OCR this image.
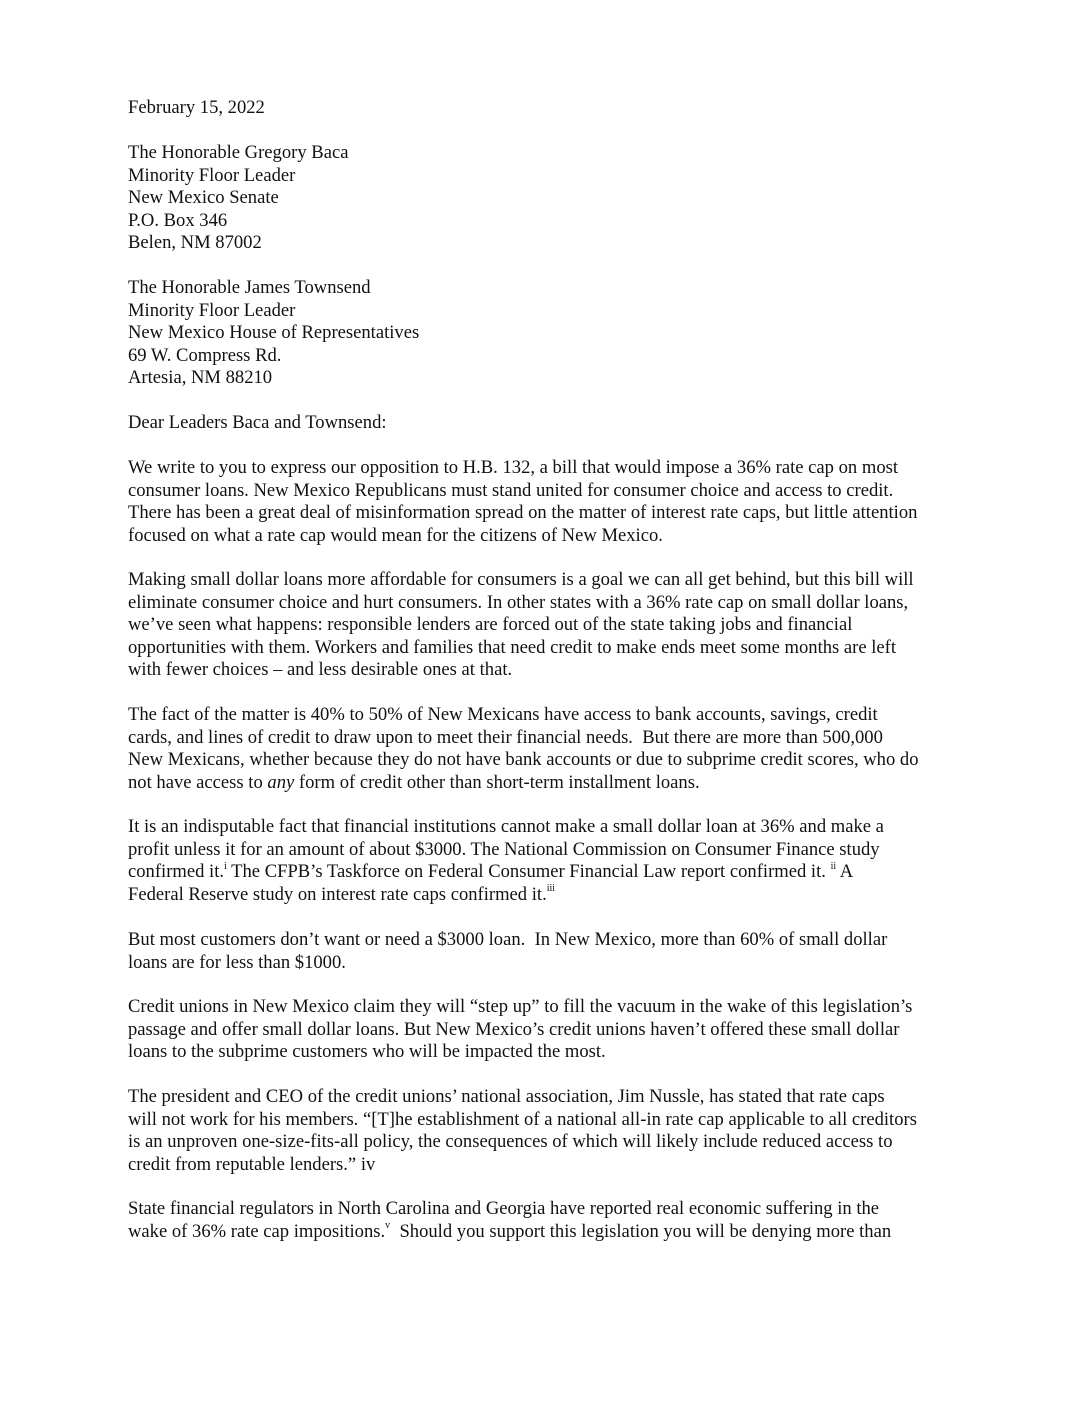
February 15, 2022
The Honorable Gregory Baca
Minority Floor Leader
New Mexico Senate
P.O. Box 346
Belen, NM 87002
The Honorable James Townsend
Minority Floor Leader
New Mexico House of Representatives
69 W. Compress Rd.
Artesia, NM 88210
Dear Leaders Baca and Townsend:
We write to you to express our opposition to H.B. 132, a bill that would impose a 36% rate cap on most
consumer loans. New Mexico Republicans must stand united for consumer choice and access to credit.
There has been a great deal of misinformation spread on the matter of interest rate caps, but little attention
focused on what a rate cap would mean for the citizens of New Mexico.
Making small dollar loans more affordable for consumers is a goal we can all get behind, but this bill will
eliminate consumer choice and hurt consumers. In other states with a 36% rate cap on small dollar loans,
we’ve seen what happens: responsible lenders are forced out of the state taking jobs and financial
opportunities with them. Workers and families that need credit to make ends meet some months are left
with fewer choices – and less desirable ones at that.
The fact of the matter is 40% to 50% of New Mexicans have access to bank accounts, savings, credit
cards, and lines of credit to draw upon to meet their financial needs.  But there are more than 500,000
New Mexicans, whether because they do not have bank accounts or due to subprime credit scores, who do
not have access to any form of credit other than short-term installment loans.
It is an indisputable fact that financial institutions cannot make a small dollar loan at 36% and make a
profit unless it for an amount of about $3000. The National Commission on Consumer Finance study
confirmed it.$^i$ The CFPB’s Taskforce on Federal Consumer Financial Law report confirmed it. $^{ii}$ A
Federal Reserve study on interest rate caps confirmed it.$^{iii}$
But most customers don’t want or need a $3000 loan.  In New Mexico, more than 60% of small dollar
loans are for less than $1000.
Credit unions in New Mexico claim they will “step up” to fill the vacuum in the wake of this legislation’s
passage and offer small dollar loans. But New Mexico’s credit unions haven’t offered these small dollar
loans to the subprime customers who will be impacted the most.
The president and CEO of the credit unions’ national association, Jim Nussle, has stated that rate caps
will not work for his members. “[T]he establishment of a national all-in rate cap applicable to all creditors
is an unproven one-size-fits-all policy, the consequences of which will likely include reduced access to
credit from reputable lenders.” iv
State financial regulators in North Carolina and Georgia have reported real economic suffering in the
wake of 36% rate cap impositions.$^v$  Should you support this legislation you will be denying more than
